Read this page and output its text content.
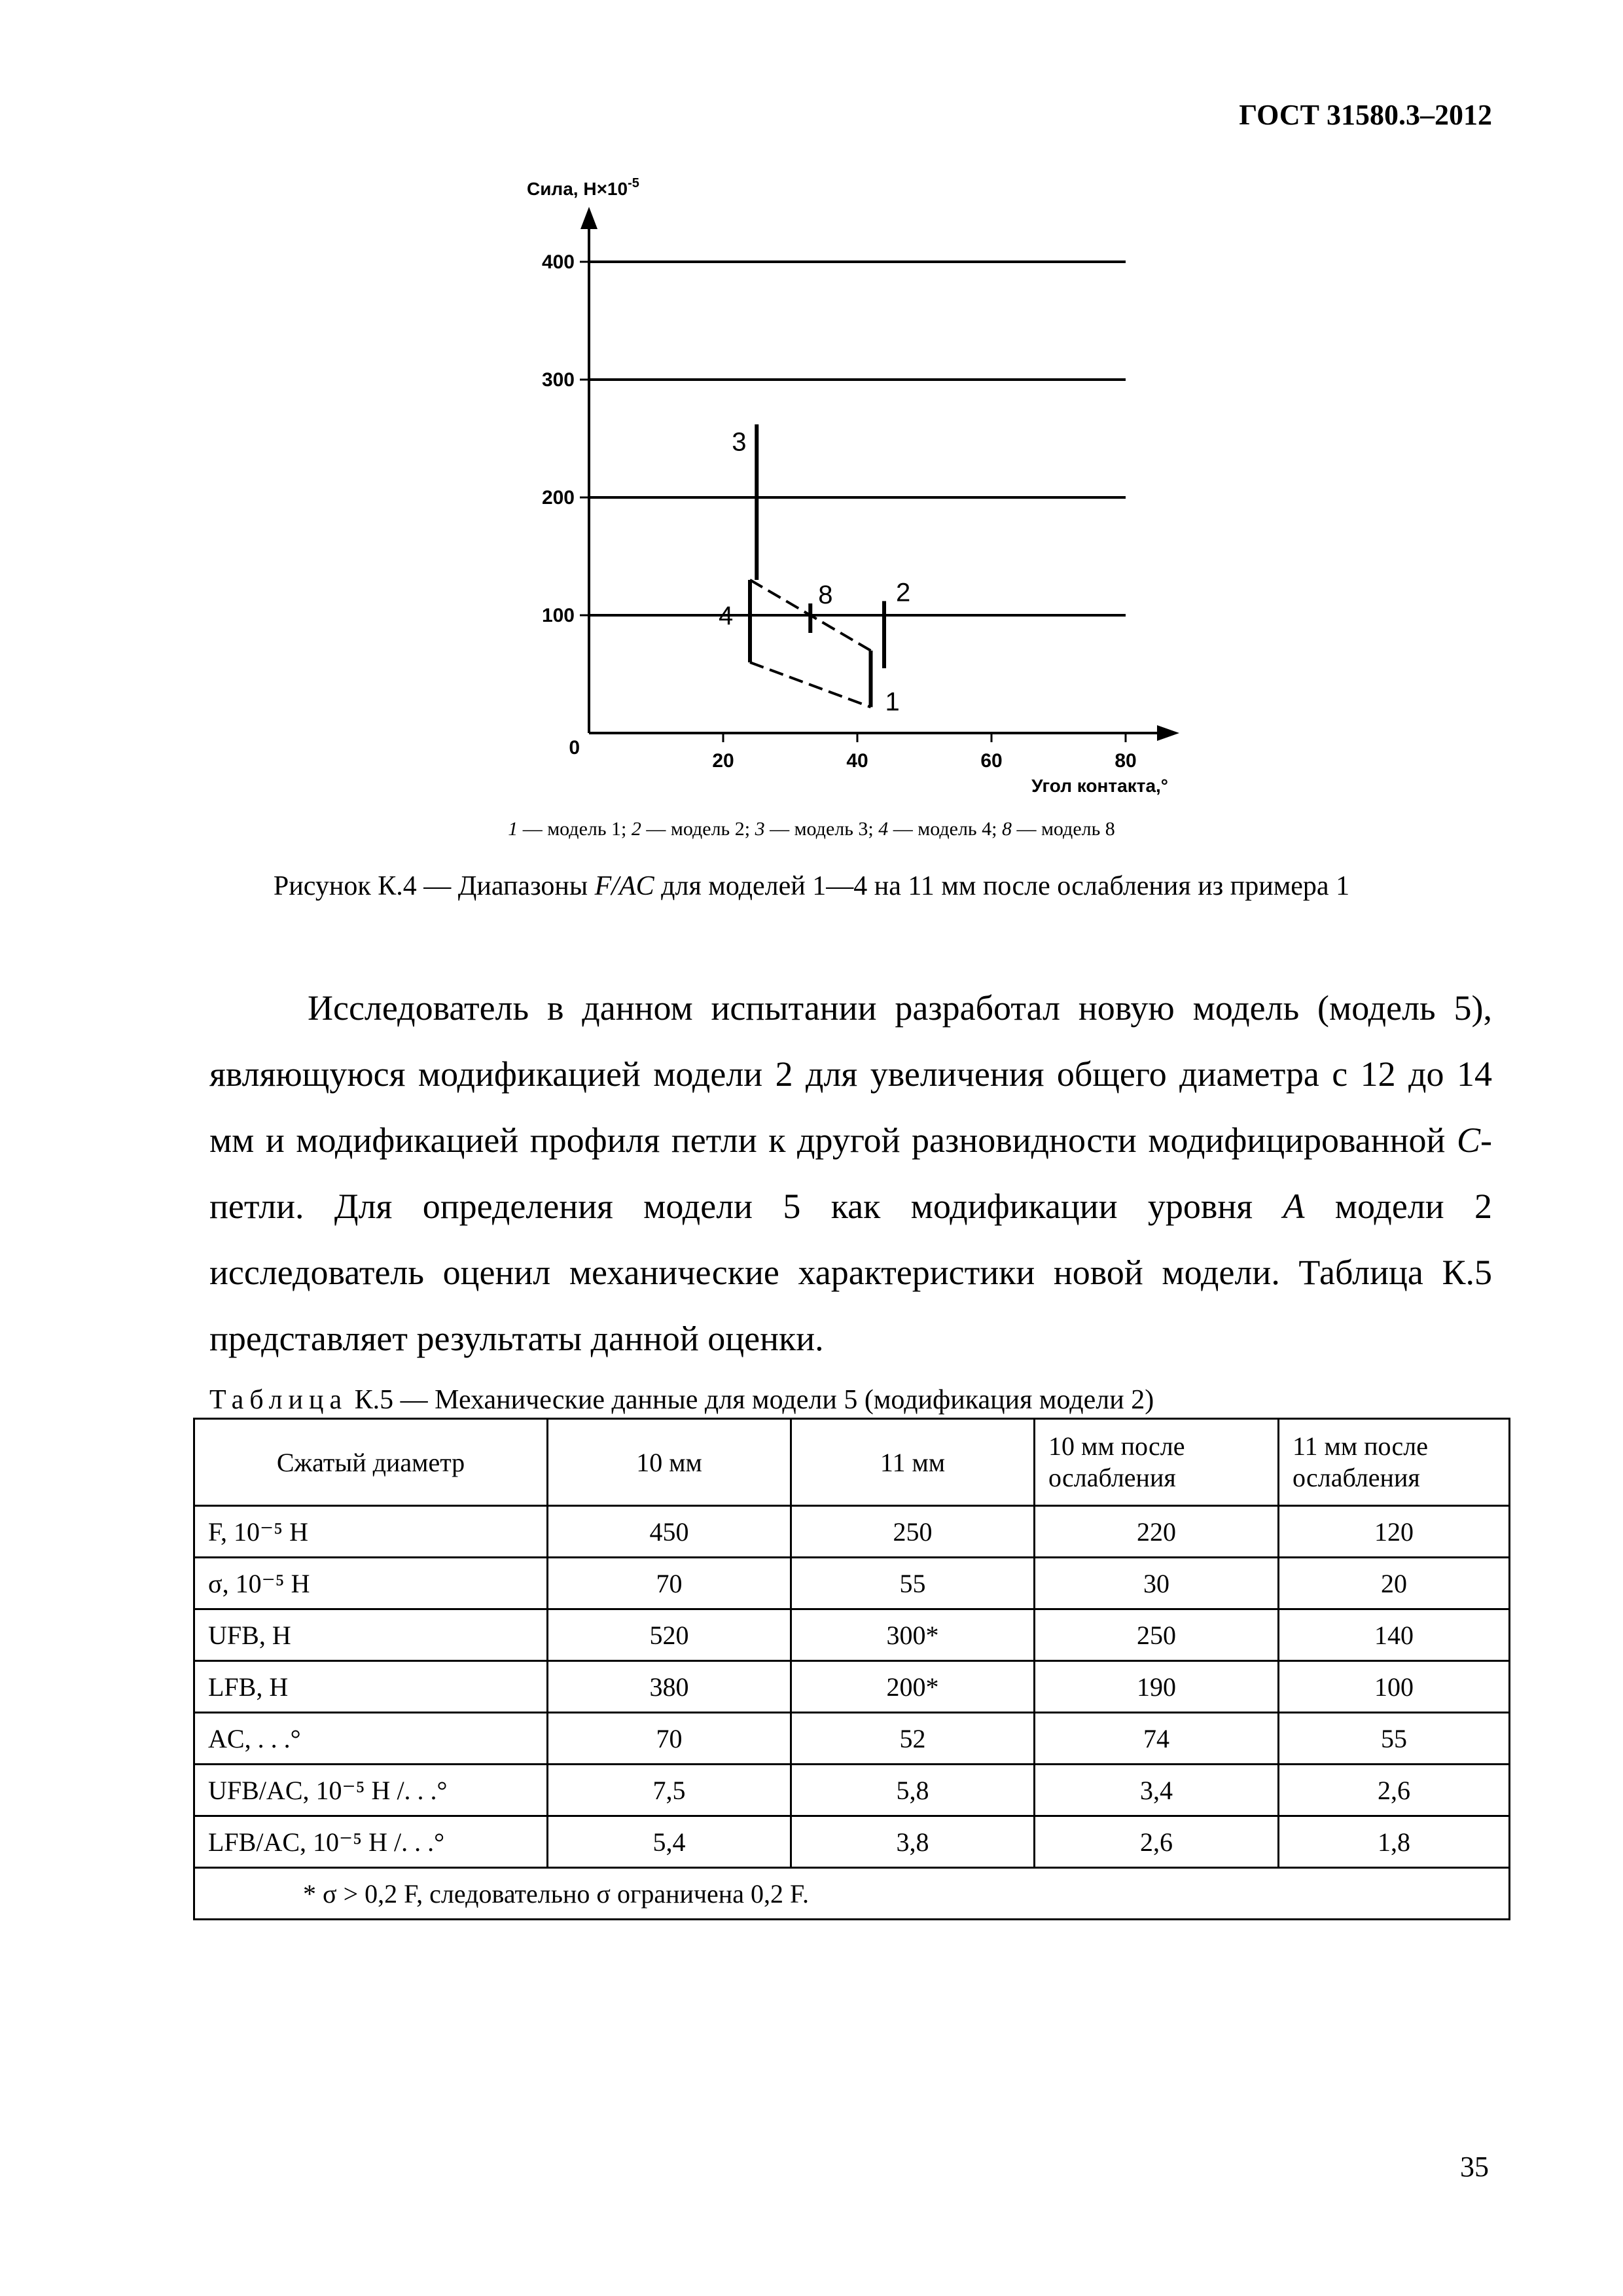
ГОСТ 31580.3–2012
100
200
300
400
0
20	40	60	80
Сила, $Н\times 10^{-5}$
Угол контакта,°
1
2
3
4
8
1 — модель 1; 2 — модель 2; 3 — модель 3; 4 — модель 4; 8 — модель 8
Рисунок К.4 — Диапазоны F/AC для моделей 1—4 на 11 мм после ослабления из примера 1
Исследователь в данном испытании разработал новую модель (модель 5), являющуюся модификацией модели 2 для увеличения общего диаметра с 12 до 14 мм и модификацией профиля петли к другой разновидности модифицированной С-петли. Для определения модели 5 как модификации уровня А модели 2 исследователь оценил механические характеристики новой модели. Таблица К.5 представляет результаты данной оценки.
Таблица К.5 — Механические данные для модели 5 (модификация модели 2)
Сжатый диаметр	10 мм	11 мм	10 мм после ослабления	11 мм после ослабления
F, 10⁻⁵ Н	450	250	220	120
σ, 10⁻⁵ Н	70	55	30	20
UFB, Н	520	300*	250	140
LFB, Н	380	200*	190	100
AC, . . .°	70	52	74	55
UFB/AC, 10⁻⁵ Н /. . .°	7,5	5,8	3,4	2,6
LFB/AC, 10⁻⁵ Н /. . .°	5,4	3,8	2,6	1,8
* σ > 0,2 F, следовательно σ ограничена 0,2 F.				
35
